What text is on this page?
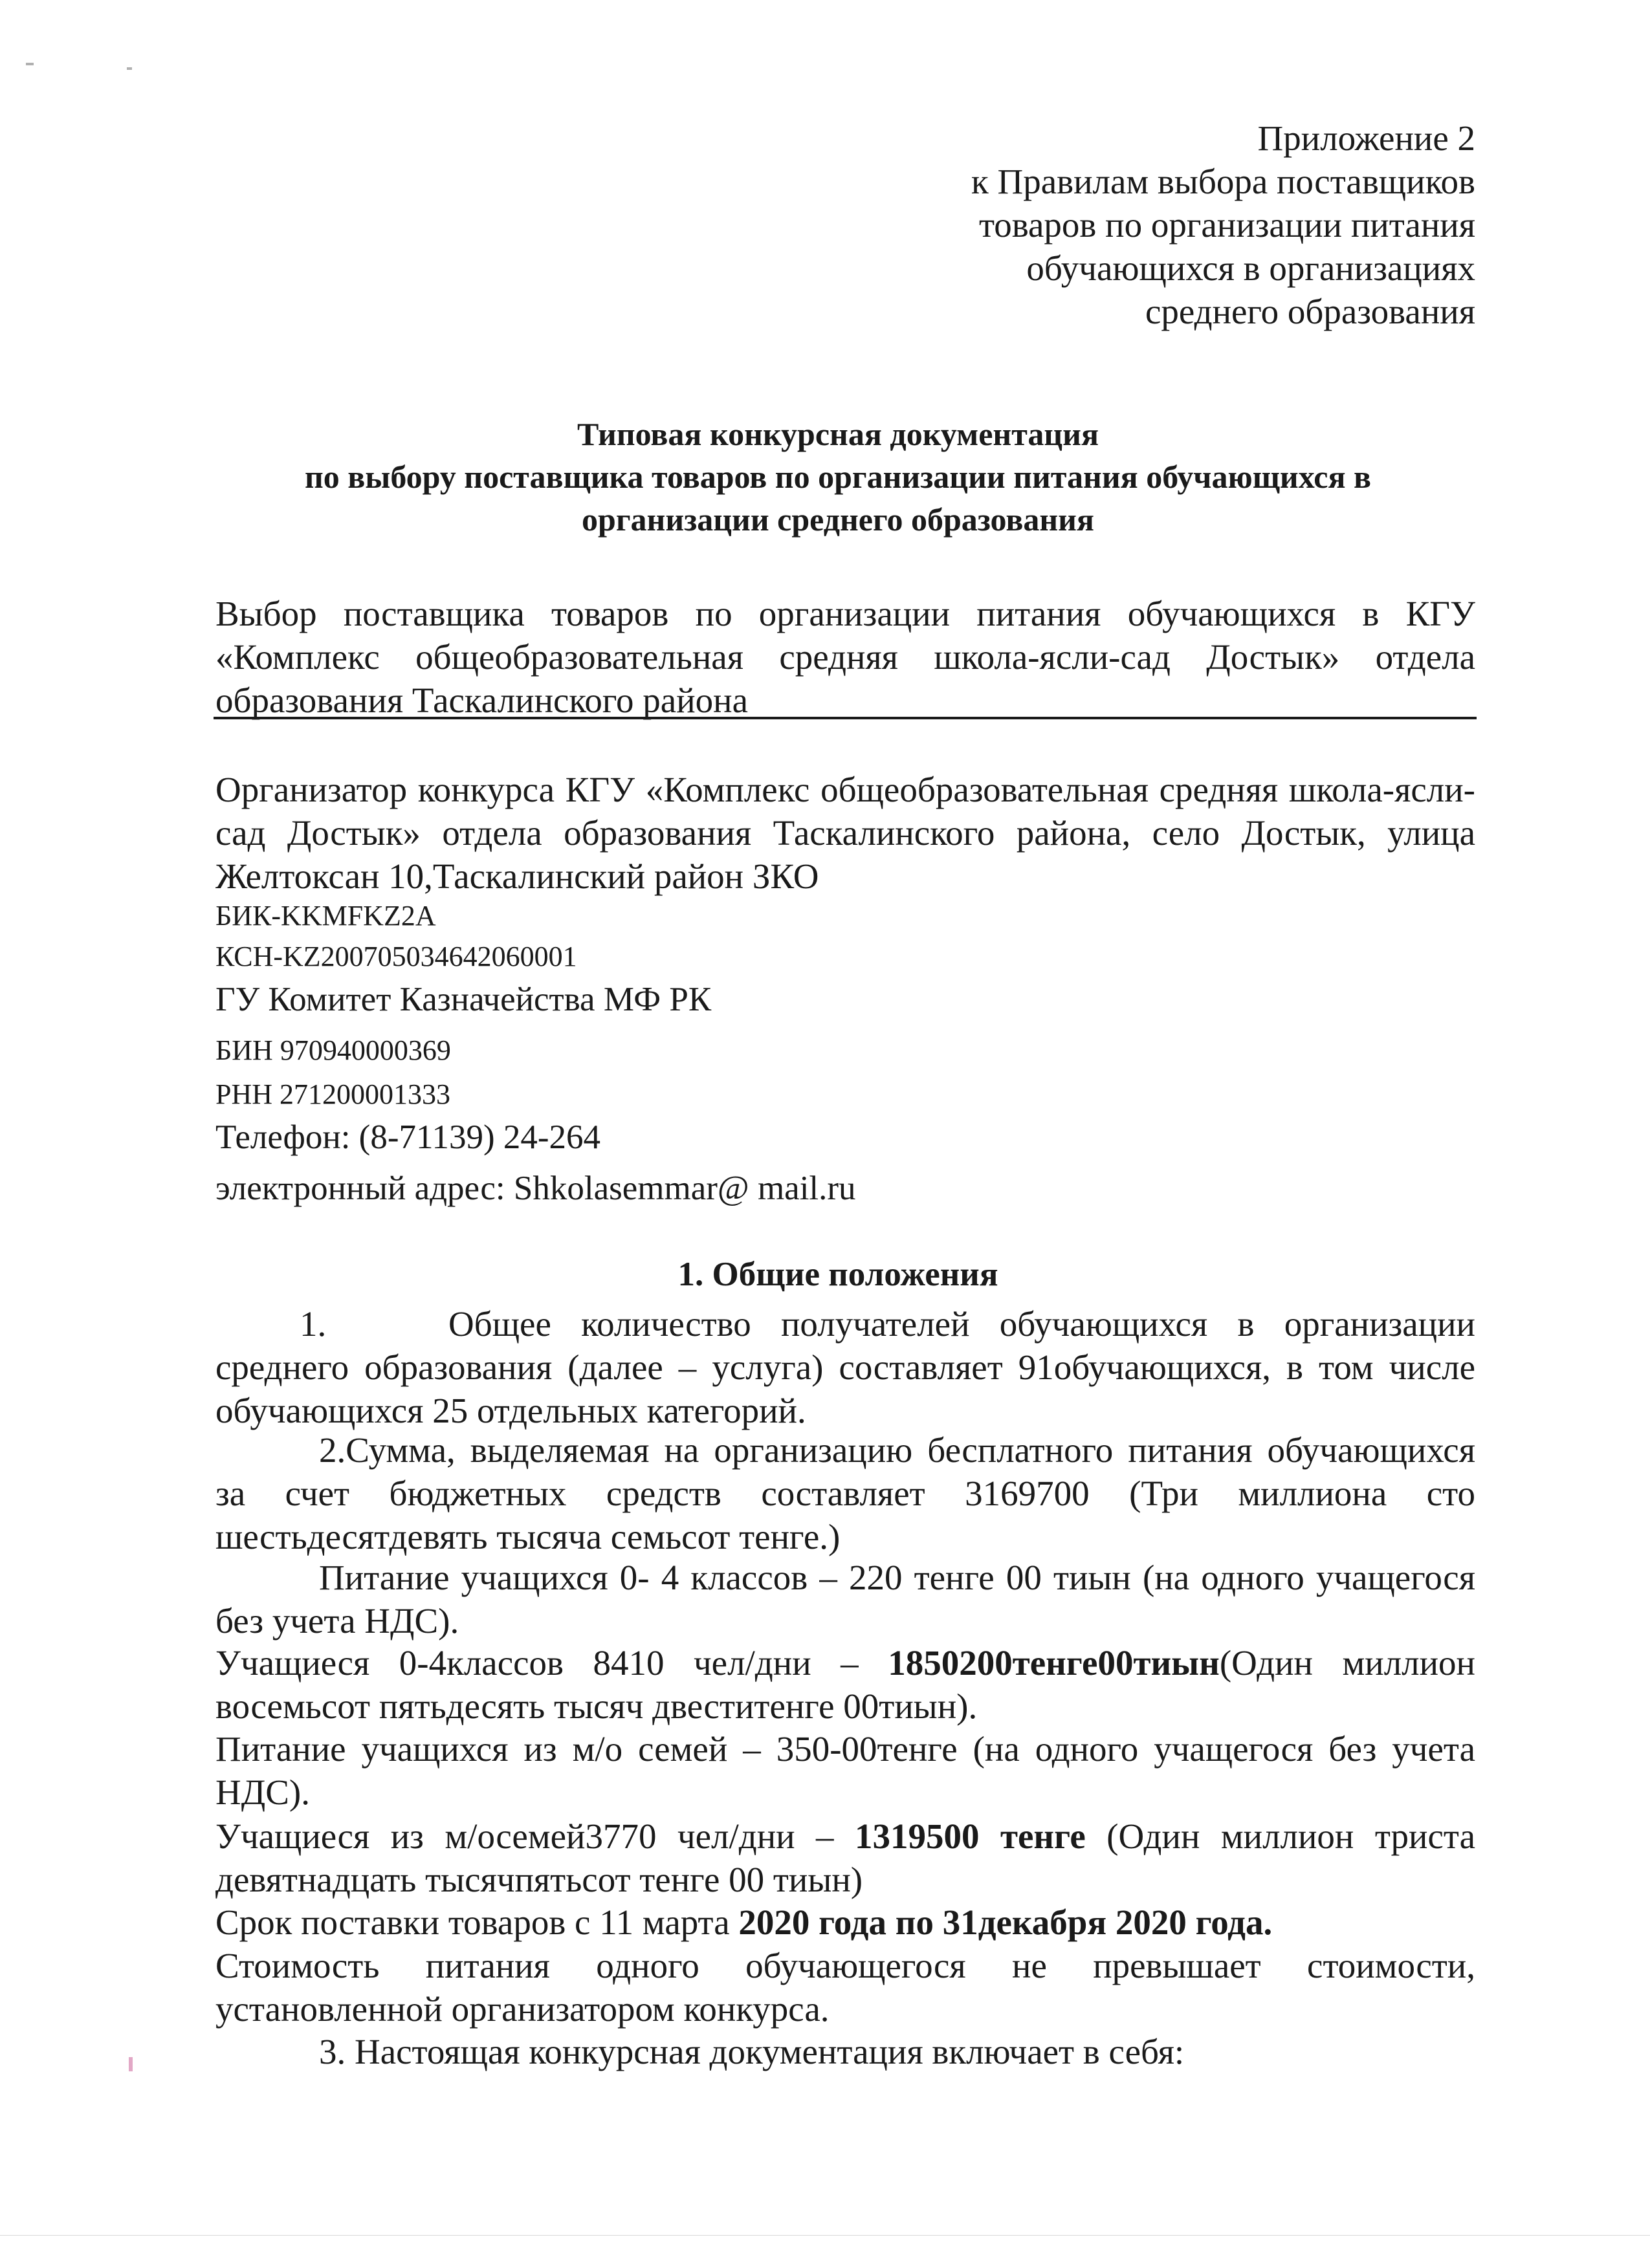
Приложение 2
к Правилам выбора поставщиков
товаров по организации питания
обучающихся в организациях
среднего образования
Типовая конкурсная документация
по выбору поставщика товаров по организации питания обучающихся в
организации среднего образования

Выбор поставщика товаров по организации питания обучающихся в КГУ «Комплекс общеобразовательная средняя школа-ясли-сад Достык» отдела образования Таскалинского района

Организатор конкурса КГУ «Комплекс общеобразовательная средняя школа-ясли-сад Достык» отдела образования Таскалинского района, село Достык, улица Желтоксан 10,Таскалинский район ЗКО

БИК-KKMFKZ2A
КСН-KZ200705034642060001
ГУ Комитет Казначейства МФ РК
БИН 970940000369
РНН 271200001333
Телефон: (8-71139) 24-264
электронный адрес: Shkolasemmar@ mail.ru
1. Общие положения

1.	Общее количество получателей обучающихся в организации среднего образования (далее – услуга) составляет 91обучающихся, в том числе обучающихся 25 отдельных категорий.

2.Сумма, выделяемая на организацию бесплатного питания обучающихся за счет бюджетных средств составляет 3169700 (Три миллиона сто шестьдесятдевять тысяча семьсот тенге.)

Питание учащихся 0- 4 классов – 220 тенге 00 тиын (на одного учащегося без учета НДС).

Учащиеся 0-4классов 8410 чел/дни – 1850200тенге00тиын(Один миллион восемьсот пятьдесять тысяч двеститенге 00тиын).

Питание учащихся из м/о семей – 350-00тенге (на одного учащегося без учета НДС).

Учащиеся из м/осемей3770 чел/дни – 1319500 тенге (Один миллион триста девятнадцать тысячпятьсот тенге 00 тиын)

Срок поставки товаров с 11 марта 2020 года по 31декабря 2020 года.

Стоимость питания одного обучающегося не превышает стоимости, установленной организатором конкурса.

3. Настоящая конкурсная документация включает в себя:
